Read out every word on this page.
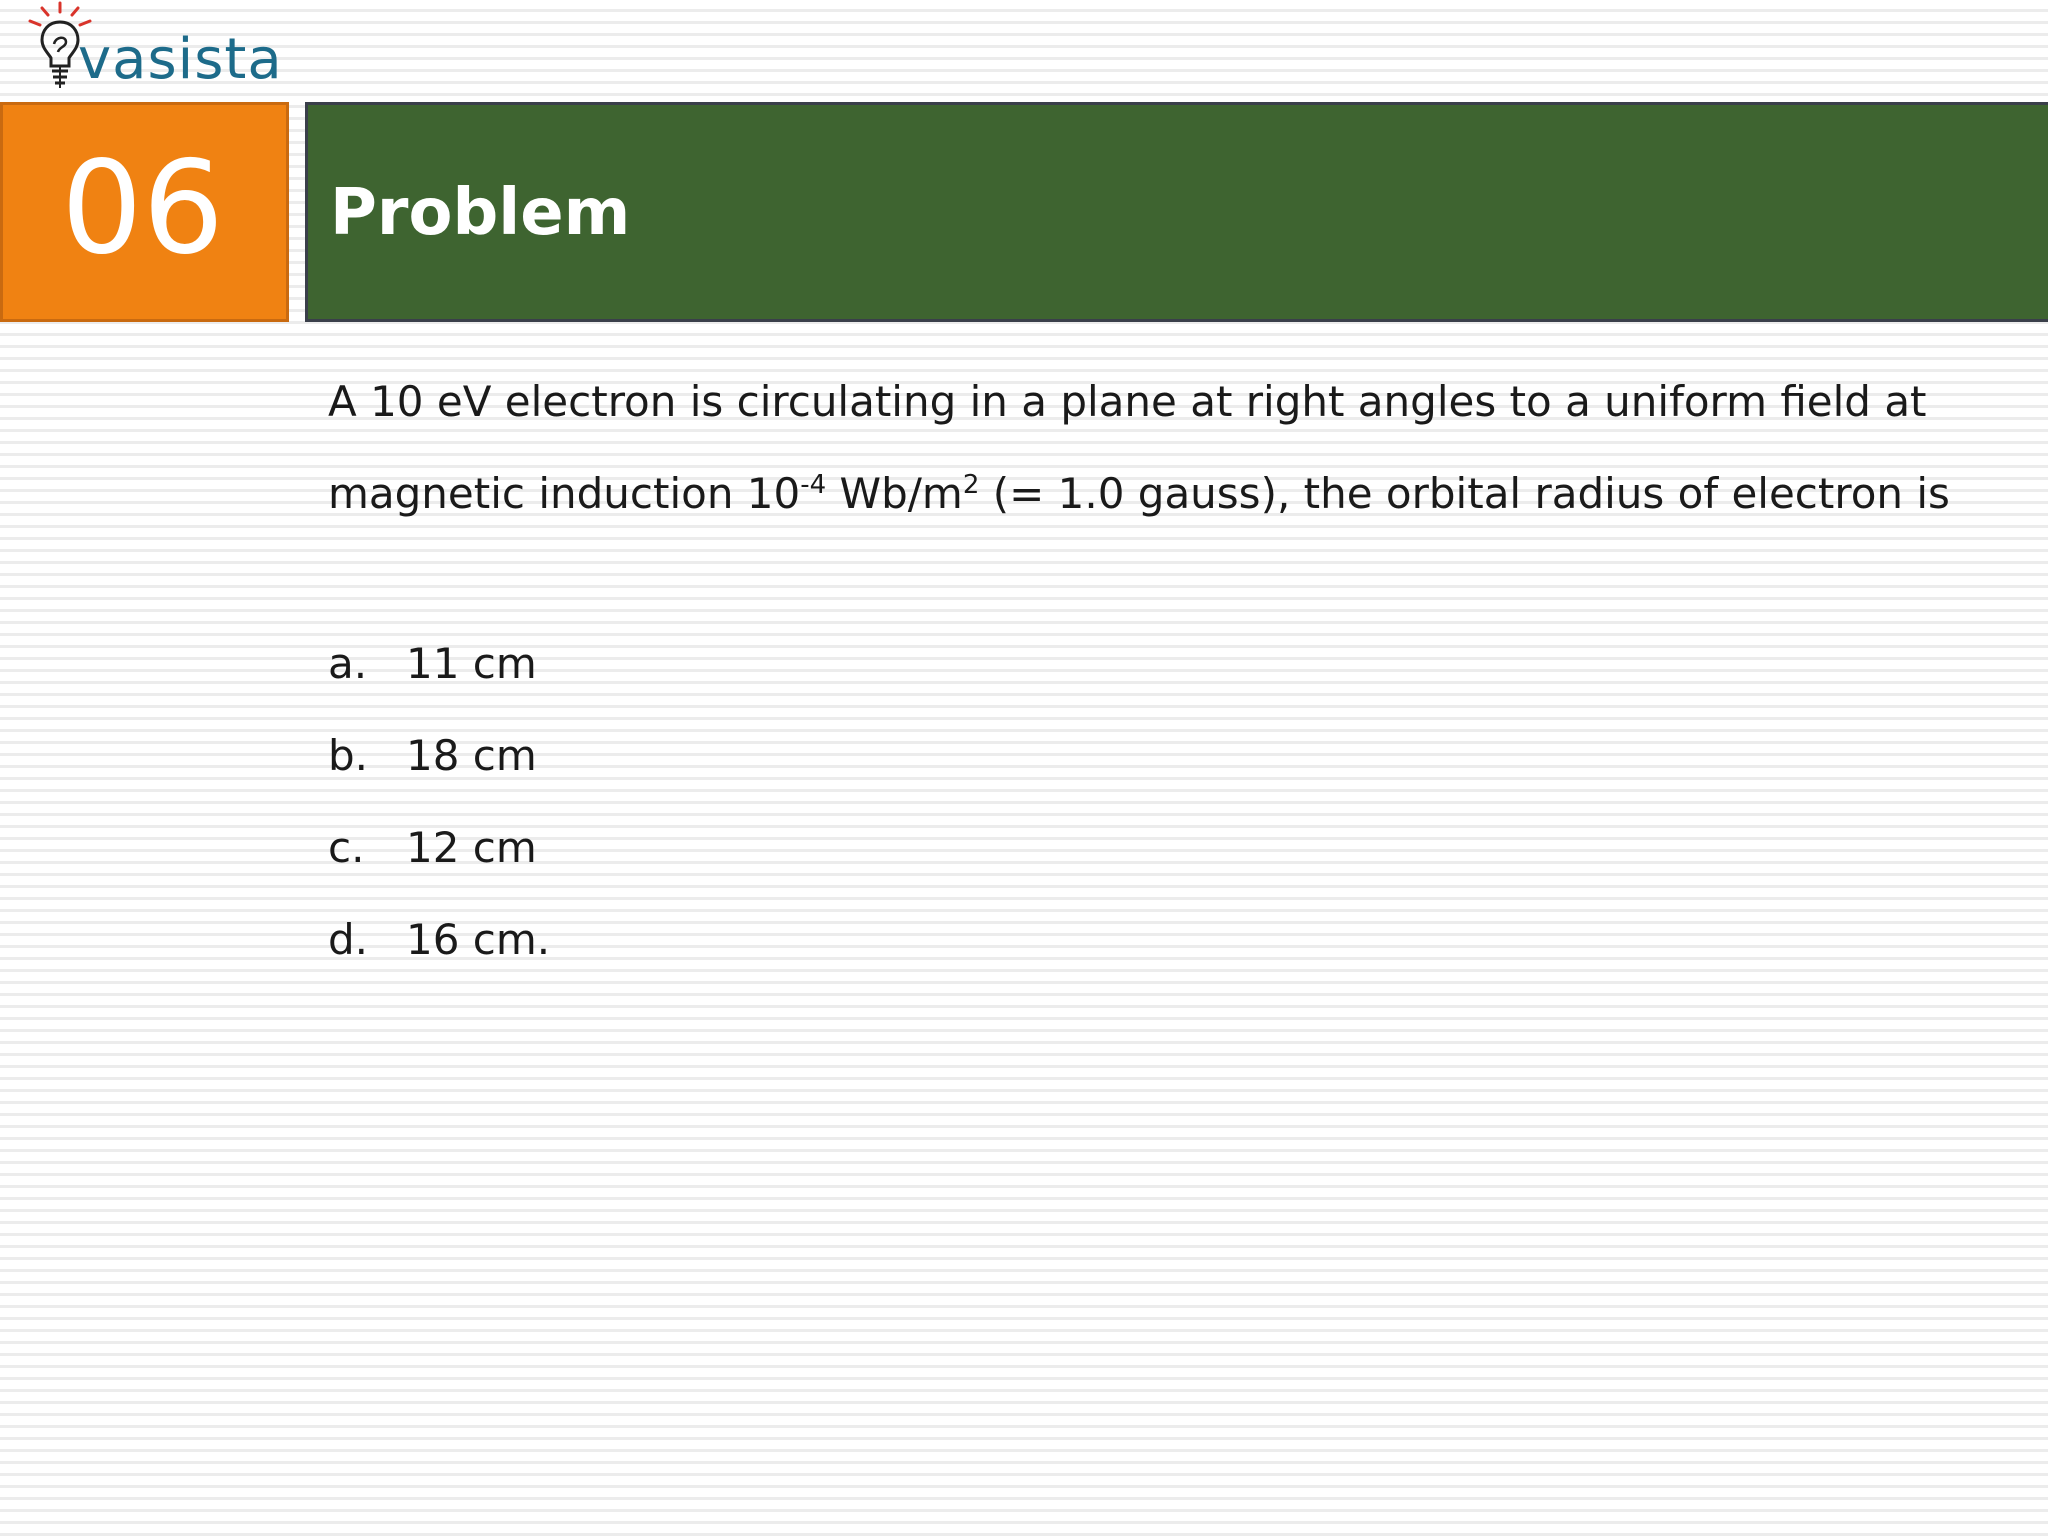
vasista
06 Problem
A 10 eV electron is circulating in a plane at right angles to a uniform field at
magnetic induction $10^{-4}$ $Wb/m^2$ (= 1.0 gauss), the orbital radius of electron is
a. 11 cm
b. 18 cm
c. 12 cm
d. 16 cm.
